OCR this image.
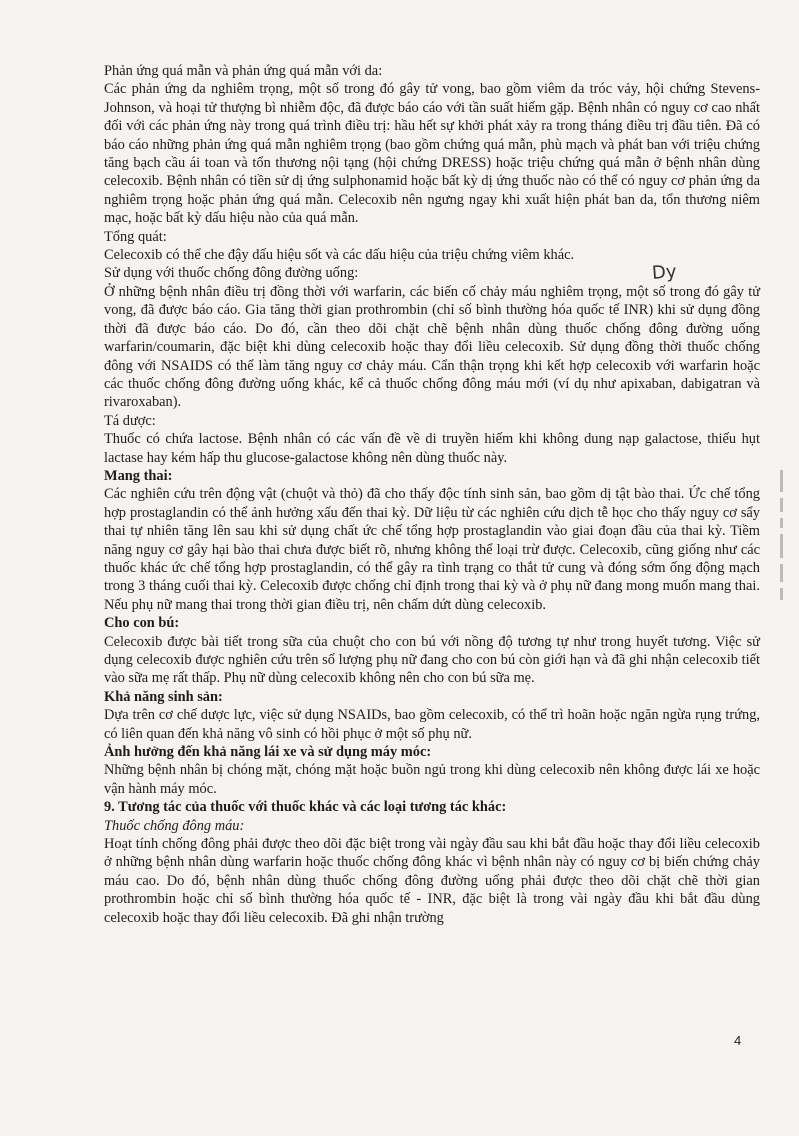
Phản ứng quá mẫn và phản ứng quá mẫn với da:

Các phản ứng da nghiêm trọng, một số trong đó gây tử vong, bao gồm viêm da tróc vảy, hội chứng Stevens-Johnson, và hoại tử thượng bì nhiễm độc, đã được báo cáo với tần suất hiếm gặp. Bệnh nhân có nguy cơ cao nhất đối với các phản ứng này trong quá trình điều trị: hầu hết sự khởi phát xảy ra trong tháng điều trị đầu tiên. Đã có báo cáo những phản ứng quá mẫn nghiêm trọng (bao gồm chứng quá mẫn, phù mạch và phát ban với triệu chứng tăng bạch cầu ái toan và tổn thương nội tạng (hội chứng DRESS) hoặc triệu chứng quá mẫn ở bệnh nhân dùng celecoxib. Bệnh nhân có tiền sử dị ứng sulphonamid hoặc bất kỳ dị ứng thuốc nào có thể có nguy cơ phản ứng da nghiêm trọng hoặc phản ứng quá mẫn. Celecoxib nên ngưng ngay khi xuất hiện phát ban da, tổn thương niêm mạc, hoặc bất kỳ dấu hiệu nào của quá mẫn.

Tổng quát:

Celecoxib có thể che đậy dấu hiệu sốt và các dấu hiệu của triệu chứng viêm khác.

Sử dụng với thuốc chống đông đường uống:

Ở những bệnh nhân điều trị đồng thời với warfarin, các biến cố chảy máu nghiêm trọng, một số trong đó gây tử vong, đã được báo cáo. Gia tăng thời gian prothrombin (chỉ số bình thường hóa quốc tế INR) khi sử dụng đồng thời đã được báo cáo. Do đó, cần theo dõi chặt chẽ bệnh nhân dùng thuốc chống đông đường uống warfarin/coumarin, đặc biệt khi dùng celecoxib hoặc thay đổi liều celecoxib. Sử dụng đồng thời thuốc chống đông với NSAIDS có thể làm tăng nguy cơ chảy máu. Cẩn thận trọng khi kết hợp celecoxib với warfarin hoặc các thuốc chống đông đường uống khác, kể cả thuốc chống đông máu mới (ví dụ như apixaban, dabigatran và rivaroxaban).

Tá dược:

Thuốc có chứa lactose. Bệnh nhân có các vấn đề về di truyền hiếm khi không dung nạp galactose, thiếu hụt lactase hay kém hấp thu glucose-galactose không nên dùng thuốc này.

Mang thai:

Các nghiên cứu trên động vật (chuột và thỏ) đã cho thấy độc tính sinh sản, bao gồm dị tật bào thai. Ức chế tổng hợp prostaglandin có thể ảnh hưởng xấu đến thai kỳ. Dữ liệu từ các nghiên cứu dịch tễ học cho thấy nguy cơ sẩy thai tự nhiên tăng lên sau khi sử dụng chất ức chế tổng hợp prostaglandin vào giai đoạn đầu của thai kỳ. Tiềm năng nguy cơ gây hại bào thai chưa được biết rõ, nhưng không thể loại trừ được. Celecoxib, cũng giống như các thuốc khác ức chế tổng hợp prostaglandin, có thể gây ra tình trạng co thắt tử cung và đóng sớm ống động mạch trong 3 tháng cuối thai kỳ. Celecoxib được chống chỉ định trong thai kỳ và ở phụ nữ đang mong muốn mang thai. Nếu phụ nữ mang thai trong thời gian điều trị, nên chấm dứt dùng celecoxib.

Cho con bú:

Celecoxib được bài tiết trong sữa của chuột cho con bú với nồng độ tương tự như trong huyết tương. Việc sử dụng celecoxib được nghiên cứu trên số lượng phụ nữ đang cho con bú còn giới hạn và đã ghi nhận celecoxib tiết vào sữa mẹ rất thấp. Phụ nữ dùng celecoxib không nên cho con bú sữa mẹ.

Khả năng sinh sản:

Dựa trên cơ chế dược lực, việc sử dụng NSAIDs, bao gồm celecoxib, có thể trì hoãn hoặc ngăn ngừa rụng trứng, có liên quan đến khả năng vô sinh có hồi phục ở một số phụ nữ.

Ảnh hưởng đến khả năng lái xe và sử dụng máy móc:

Những bệnh nhân bị chóng mặt, chóng mặt hoặc buồn ngủ trong khi dùng celecoxib nên không được lái xe hoặc vận hành máy móc.

9. Tương tác của thuốc với thuốc khác và các loại tương tác khác:

Thuốc chống đông máu:

Hoạt tính chống đông phải được theo dõi đặc biệt trong vài ngày đầu sau khi bắt đầu hoặc thay đổi liều celecoxib ở những bệnh nhân dùng warfarin hoặc thuốc chống đông khác vì bệnh nhân này có nguy cơ bị biến chứng chảy máu cao. Do đó, bệnh nhân dùng thuốc chống đông đường uống phải được theo dõi chặt chẽ thời gian prothrombin hoặc chỉ số bình thường hóa quốc tế - INR, đặc biệt là trong vài ngày đầu khi bắt đầu dùng celecoxib hoặc thay đổi liều celecoxib. Đã ghi nhận trường

Dy
4
